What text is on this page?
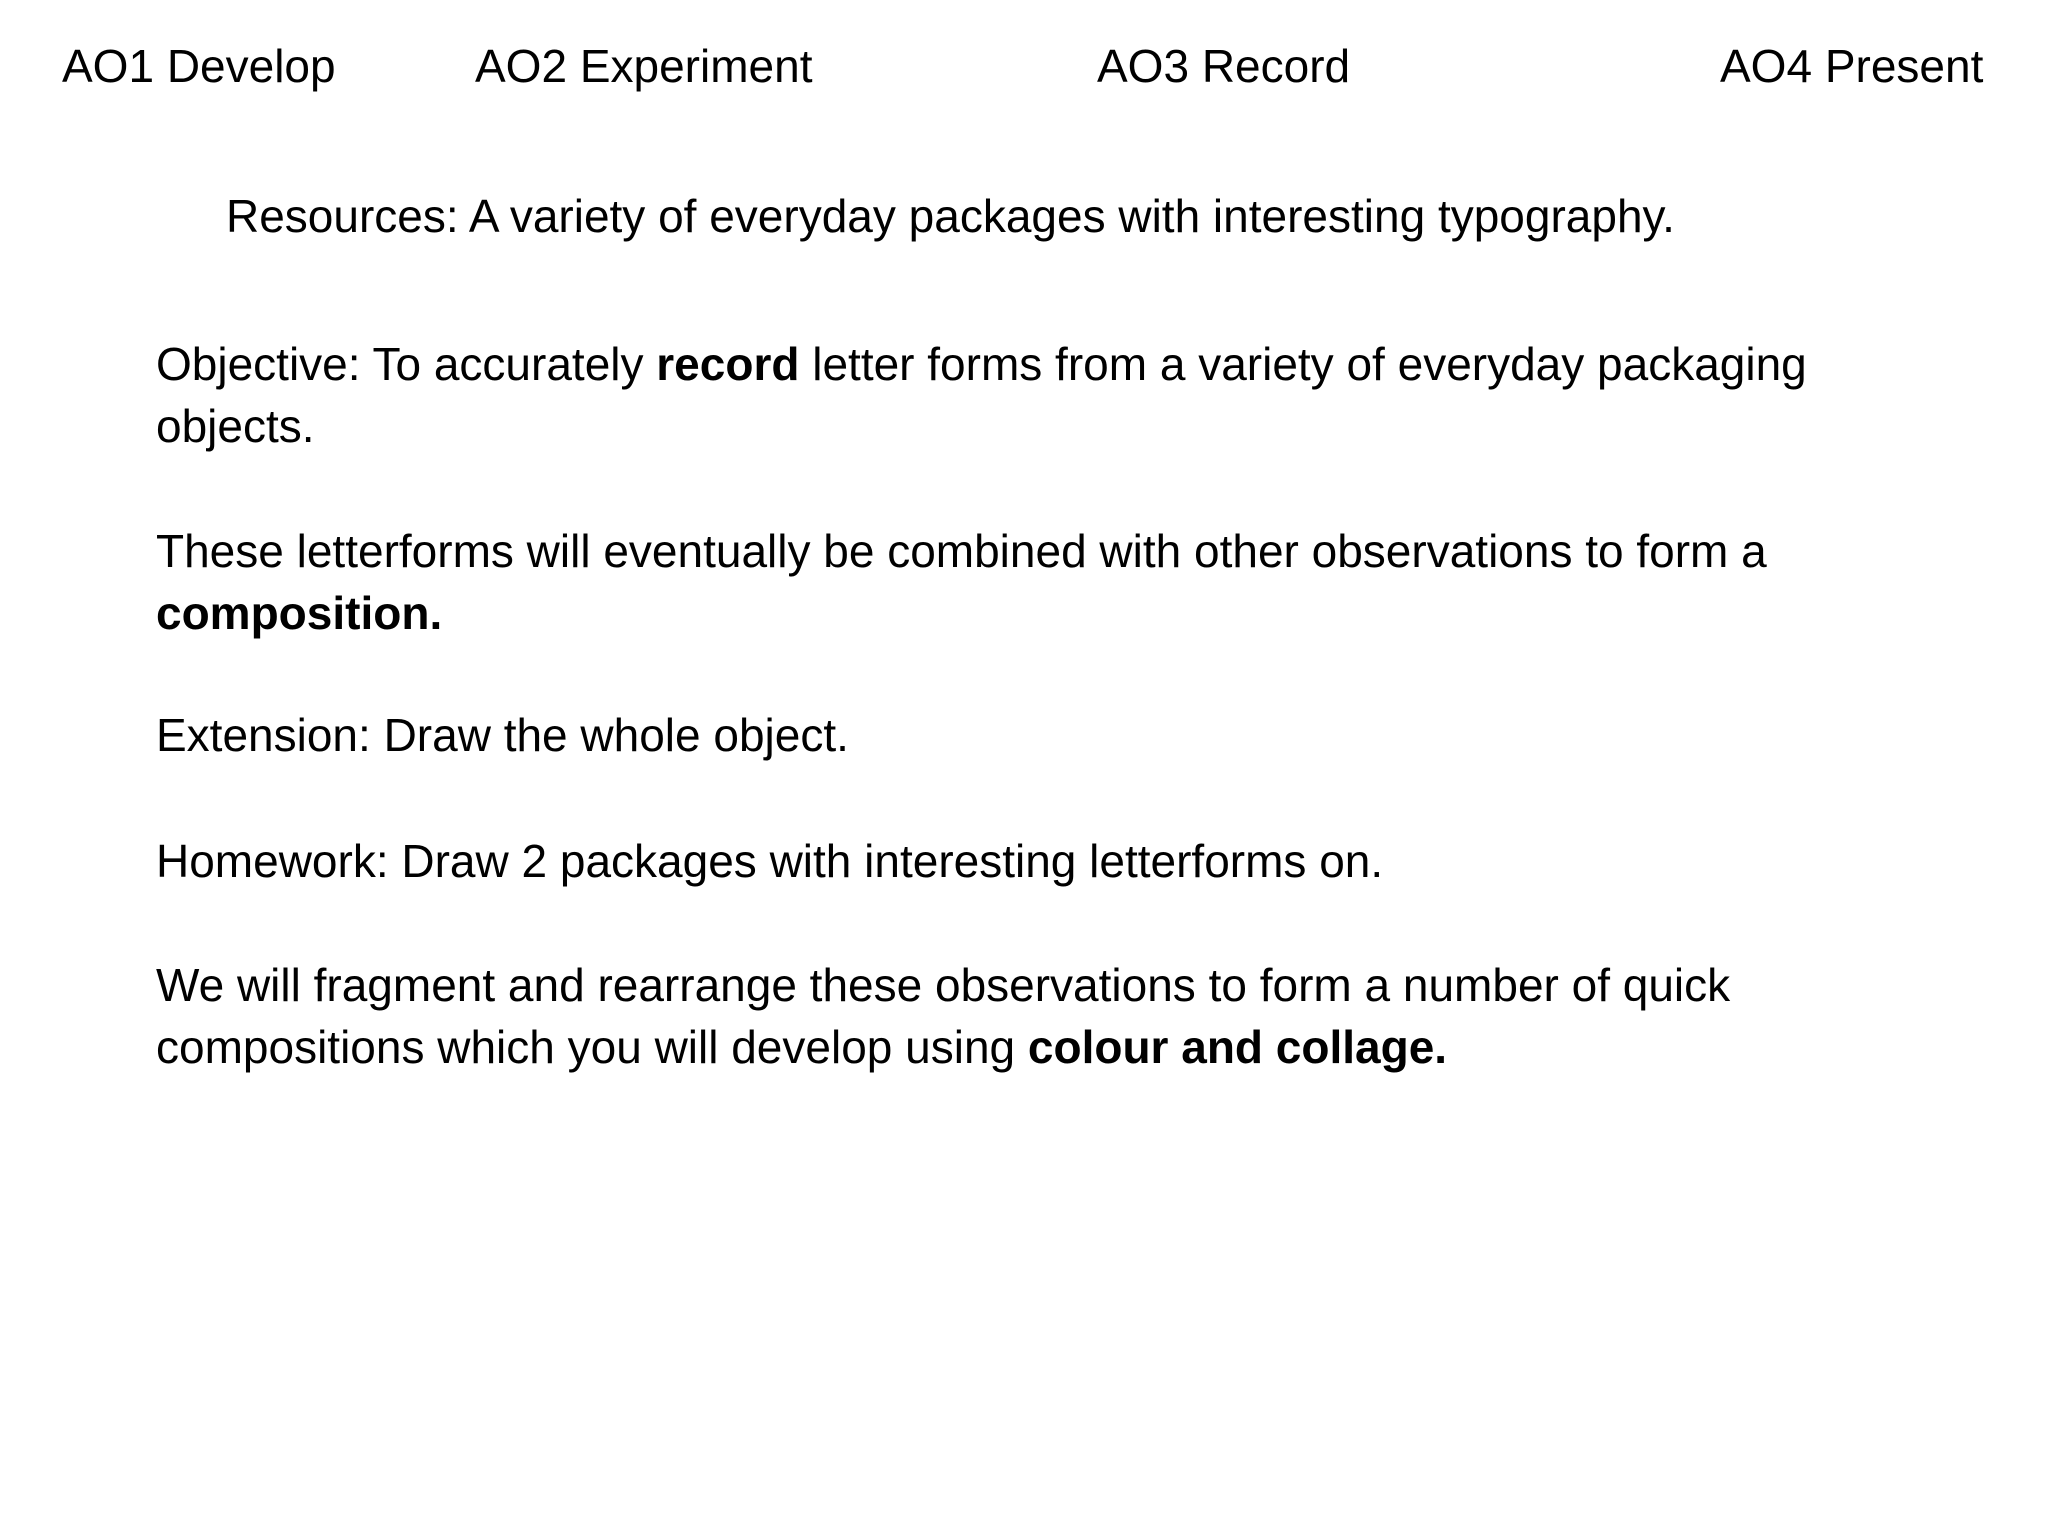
AO1 Develop	AO2 Experiment	AO3 Record	AO4 Present
Resources: A variety of everyday packages with interesting typography.
Objective: To accurately record letter forms from a variety of everyday packaging
objects.
These letterforms will eventually be combined with other observations to form a
composition.
Extension: Draw the whole object.
Homework: Draw 2 packages with interesting letterforms on.
We will fragment and rearrange these observations to form a number of quick
compositions which you will develop using colour and collage.
